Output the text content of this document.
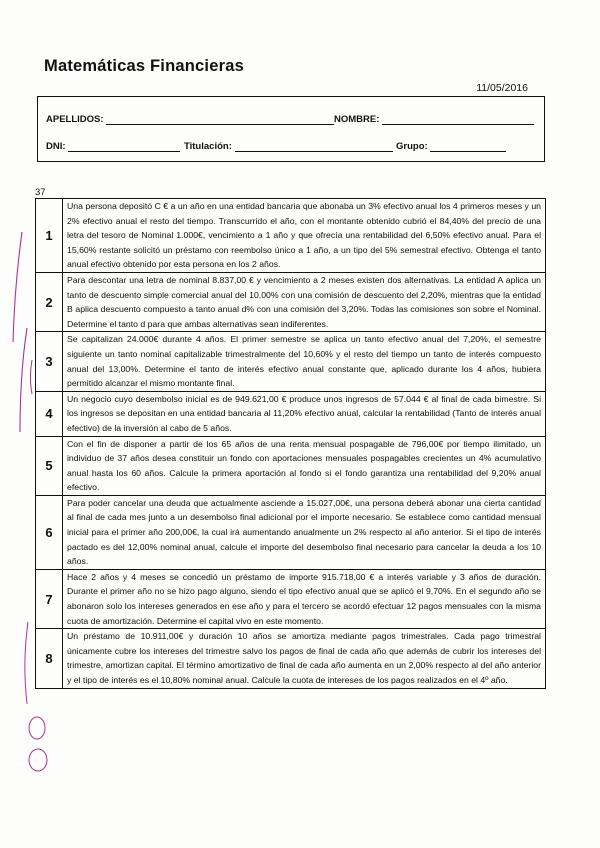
Matemáticas Financieras
11/05/2016
APELLIDOS:	NOMBRE:
DNI:	Titulación:	Grupo:
37
1	Una persona depositó C € a un año en una entidad bancaria que abonaba un 3% efectivo anual los 4 primeros meses y un 2% efectivo anual el resto del tiempo. Transcurrido el año, con el montante obtenido cubrió el 84,40% del precio de una letra del tesoro de Nominal 1.000€, vencimiento a 1 año y que ofrecía una rentabilidad del 6,50% efectivo anual. Para el 15,60% restante solicitó un préstamo con reembolso único a 1 año, a un tipo del 5% semestral efectivo. Obtenga el tanto anual efectivo obtenido por esta persona en los 2 años.
2	Para descontar una letra de nominal 8.837,00 € y vencimiento a 2 meses existen dos alternativas. La entidad A aplica un tanto de descuento simple comercial anual del 10,00% con una comisión de descuento del 2,20%, mientras que la entidad B aplica descuento compuesto a tanto anual d% con una comisión del 3,20%. Todas las comisiones son sobre el Nominal. Determine el tanto d para que ambas alternativas sean indiferentes.
3	Se capitalizan 24.000€ durante 4 años. El primer semestre se aplica un tanto efectivo anual del 7,20%, el semestre siguiente un tanto nominal capitalizable trimestralmente del 10,60% y el resto del tiempo un tanto de interés compuesto anual del 13,00%. Determine el tanto de interés efectivo anual constante que, aplicado durante los 4 años, hubiera permitido alcanzar el mismo montante final.
4	Un negocio cuyo desembolso inicial es de 949.621,00 € produce unos ingresos de 57.044 € al final de cada bimestre. Si los ingresos se depositan en una entidad bancaria al 11,20% efectivo anual, calcular la rentabilidad (Tanto de interés anual efectivo) de la inversión al cabo de 5 años.
5	Con el fin de disponer a partir de los 65 años de una renta mensual pospagable de 796,00€ por tiempo ilimitado, un individuo de 37 años desea constituir un fondo con aportaciones mensuales pospagables crecientes un 4% acumulativo anual hasta los 60 años. Calcule la primera aportación al fondo si el fondo garantiza una rentabilidad del 9,20% anual efectivo.
6	Para poder cancelar una deuda que actualmente asciende a 15.027,00€, una persona deberá abonar una cierta cantidad al final de cada mes junto a un desembolso final adicional por el importe necesario. Se establece como cantidad mensual inicial para el primer año 200,00€, la cual irá aumentando anualmente un 2% respecto al año anterior. Si el tipo de interés pactado es del 12,00% nominal anual, calcule el importe del desembolso final necesario para cancelar la deuda a los 10 años.
7	Hace 2 años y 4 meses se concedió un préstamo de importe 915.718,00 € a interés variable y 3 años de duración. Durante el primer año no se hizo pago alguno, siendo el tipo efectivo anual que se aplicó el 9,70%. En el segundo año se abonaron solo los intereses generados en ese año y para el tercero se acordó efectuar 12 pagos mensuales con la misma cuota de amortización. Determine el capital vivo en este momento.
8	Un préstamo de 10.911,00€ y duración 10 años se amortiza mediante pagos trimestrales. Cada pago trimestral únicamente cubre los intereses del trimestre salvo los pagos de final de cada año que además de cubrir los intereses del trimestre, amortizan capital. El término amortizativo de final de cada año aumenta en un 2,00% respecto al del año anterior y el tipo de interés es el 10,80% nominal anual. Calcule la cuota de intereses de los pagos realizados en el 4º año.
